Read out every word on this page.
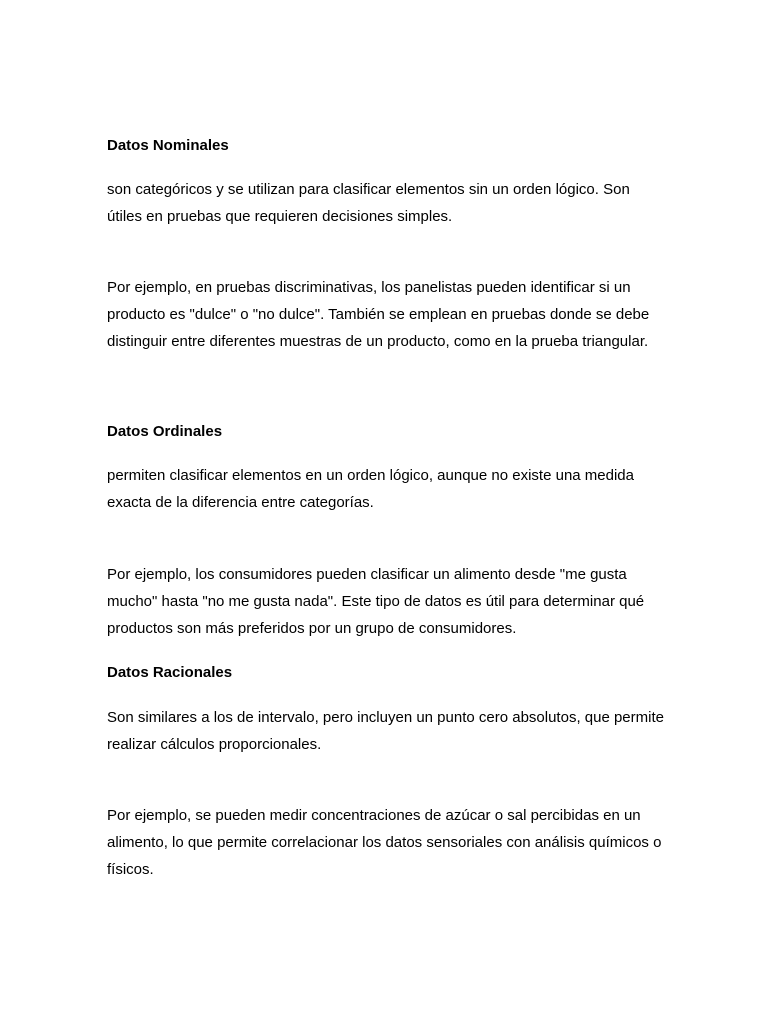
Datos Nominales
son categóricos y se utilizan para clasificar elementos sin un orden lógico. Son útiles en pruebas que requieren decisiones simples.
Por ejemplo, en pruebas discriminativas, los panelistas pueden identificar si un producto es "dulce" o "no dulce". También se emplean en pruebas donde se debe distinguir entre diferentes muestras de un producto, como en la prueba triangular.
Datos Ordinales
permiten clasificar elementos en un orden lógico, aunque no existe una medida exacta de la diferencia entre categorías.
Por ejemplo, los consumidores pueden clasificar un alimento desde "me gusta mucho" hasta "no me gusta nada". Este tipo de datos es útil para determinar qué productos son más preferidos por un grupo de consumidores.
Datos Racionales
Son similares a los de intervalo, pero incluyen un punto cero absolutos, que permite realizar cálculos proporcionales.
Por ejemplo, se pueden medir concentraciones de azúcar o sal percibidas en un alimento, lo que permite correlacionar los datos sensoriales con análisis químicos o físicos.
